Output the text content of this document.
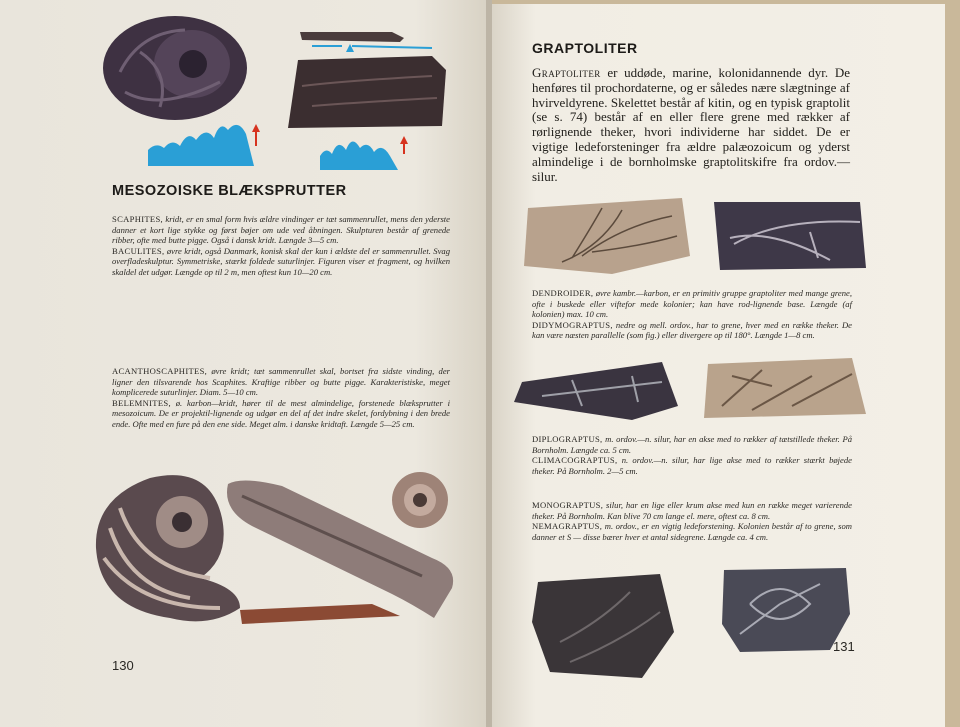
MESOZOISKE BLÆKSPRUTTER

SCAPHITES, kridt, er en smal form hvis ældre vindinger er tæt sammenrullet, mens den yderste danner et kort lige stykke og først bøjer om ude ved åbningen. Skulpturen består af grenede ribber, ofte med butte pigge. Også i dansk kridt. Længde 3—5 cm.
BACULITES, øvre kridt, også Danmark, konisk skal der kun i ældste del er sammenrullet. Svag overfladeskulptur. Symmetriske, stærkt foldede suturlinjer. Figuren viser et fragment, og hvilken skaldel det udgør. Længde op til 2 m, men oftest kun 10—20 cm.

ACANTHOSCAPHITES, øvre kridt; tæt sammenrullet skal, bortset fra sidste vinding, der ligner den tilsvarende hos Scaphites. Kraftige ribber og butte pigge. Karakteristiske, meget komplicerede suturlinjer. Diam. 5—10 cm.
BELEMNITES, ø. karbon—kridt, hører til de mest almindelige, forstenede blæksprutter i mesozoicum. De er projektil-lignende og udgør en del af det indre skelet, fordybning i den brede ende. Ofte med en fure på den ene side. Meget alm. i danske kridtaft. Længde 5—25 cm.

130
GRAPTOLITER

Graptoliter er uddøde, marine, kolonidannende dyr. De henføres til prochordaterne, og er således nære slægtninge af hvirveldyrene. Skelettet består af kitin, og en typisk graptolit (se s. 74) består af en eller flere grene med rækker af rørlignende theker, hvori individerne har siddet. De er vigtige ledeforsteninger fra ældre palæozoicum og yderst almindelige i de bornholmske graptolitskifre fra ordov.—silur.

DENDROIDER, øvre kambr.—karbon, er en primitiv gruppe graptoliter med mange grene, ofte i buskede eller viftefor mede kolonier; kan have rod-lignende base. Længde (af kolonien) max. 10 cm.
DIDYMOGRAPTUS, nedre og mell. ordov., har to grene, hver med en række theker. De kan være næsten parallelle (som fig.) eller divergere op til 180°. Længde 1—8 cm.

DIPLOGRAPTUS, m. ordov.—n. silur, har en akse med to rækker af tætstillede theker. På Bornholm. Længde ca. 5 cm.
CLIMACOGRAPTUS, n. ordov.—n. silur, har lige akse med to rækker stærkt bøjede theker. På Bornholm. 2—5 cm.

MONOGRAPTUS, silur, har en lige eller krum akse med kun en række meget varierende theker. På Bornholm. Kan blive 70 cm lange el. mere, oftest ca. 8 cm.
NEMAGRAPTUS, m. ordov., er en vigtig ledeforstening. Kolonien består af to grene, som danner et S — disse bærer hver et antal sidegrene. Længde ca. 4 cm.

131
